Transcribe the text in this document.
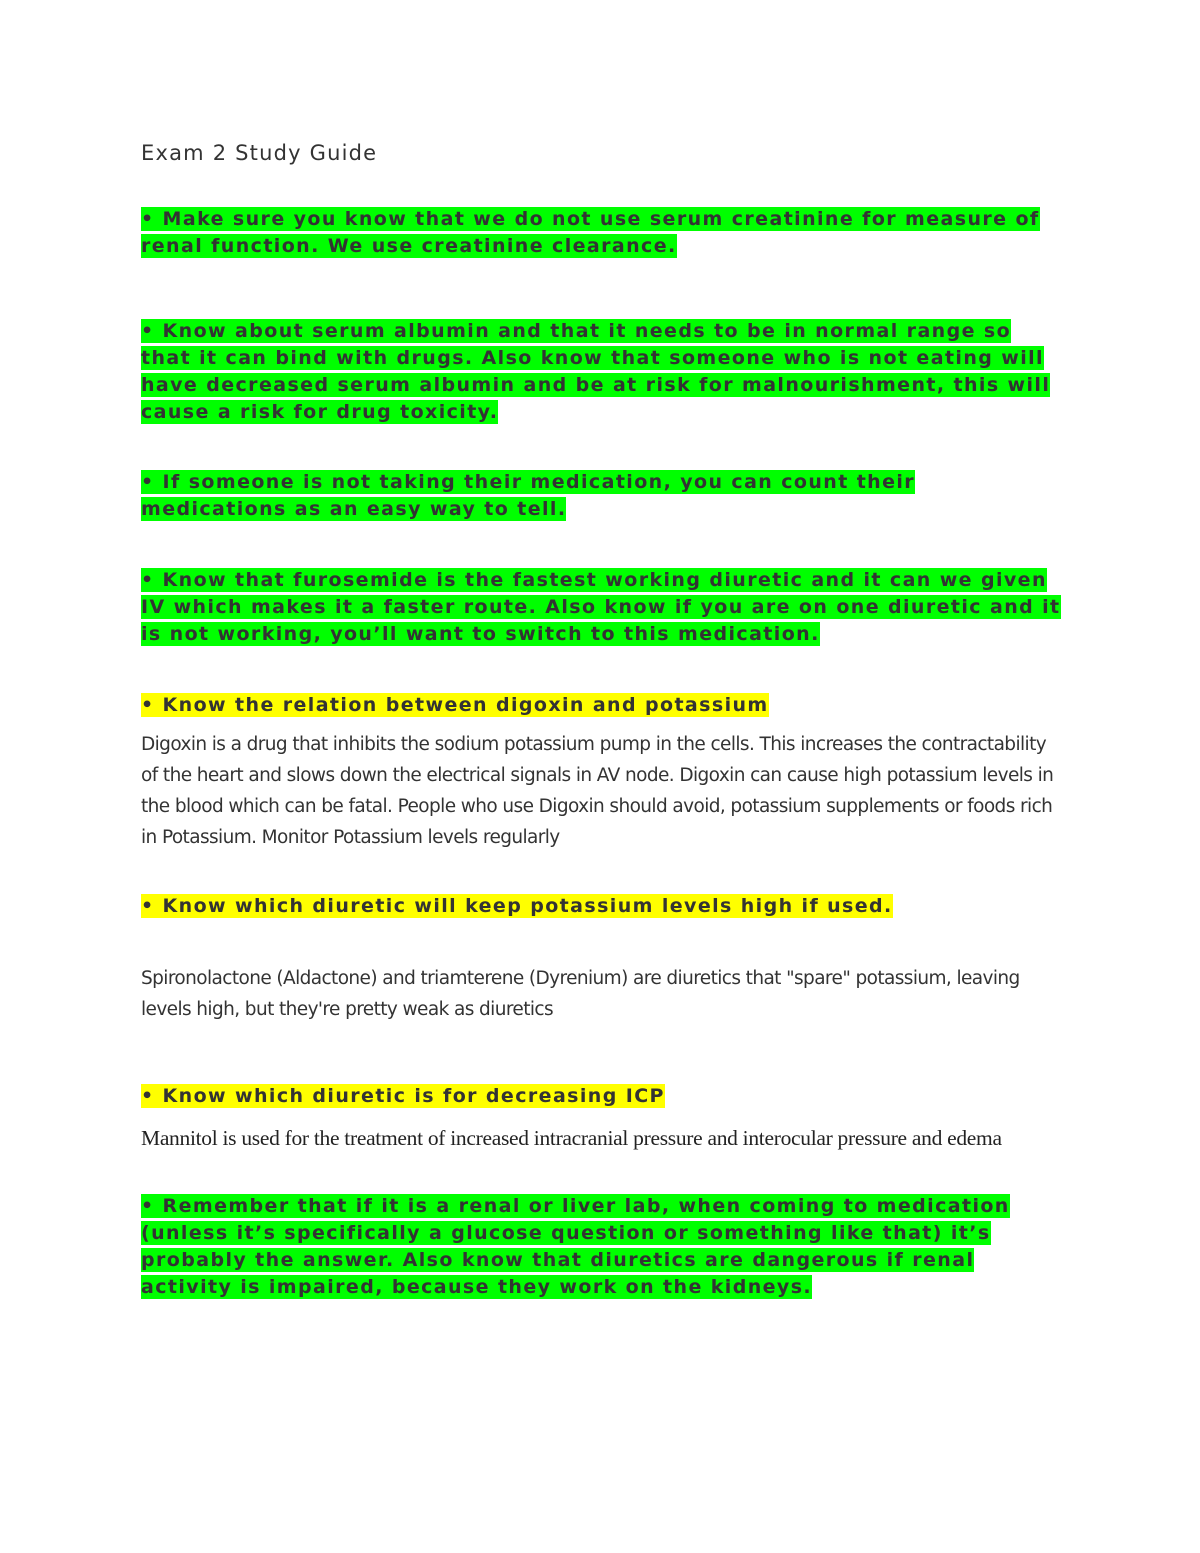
Exam 2 Study Guide

• Make sure you know that we do not use serum creatinine for measure of renal function. We use creatinine clearance.

• Know about serum albumin and that it needs to be in normal range so that it can bind with drugs. Also know that someone who is not eating will have decreased serum albumin and be at risk for malnourishment, this will cause a risk for drug toxicity.

• If someone is not taking their medication, you can count their medications as an easy way to tell.

• Know that furosemide is the fastest working diuretic and it can we given IV which makes it a faster route. Also know if you are on one diuretic and it is not working, you’ll want to switch to this medication.

• Know the relation between digoxin and potassium

Digoxin is a drug that inhibits the sodium potassium pump in the cells. This increases the contractability of the heart and slows down the electrical signals in AV node. Digoxin can cause high potassium levels in the blood which can be fatal. People who use Digoxin should avoid, potassium supplements or foods rich in Potassium. Monitor Potassium levels regularly

• Know which diuretic will keep potassium levels high if used.

Spironolactone (Aldactone) and triamterene (Dyrenium) are diuretics that "spare" potassium, leaving levels high, but they're pretty weak as diuretics

• Know which diuretic is for decreasing ICP

Mannitol is used for the treatment of increased intracranial pressure and interocular pressure and edema

• Remember that if it is a renal or liver lab, when coming to medication (unless it’s specifically a glucose question or something like that) it’s probably the answer. Also know that diuretics are dangerous if renal activity is impaired, because they work on the kidneys.
